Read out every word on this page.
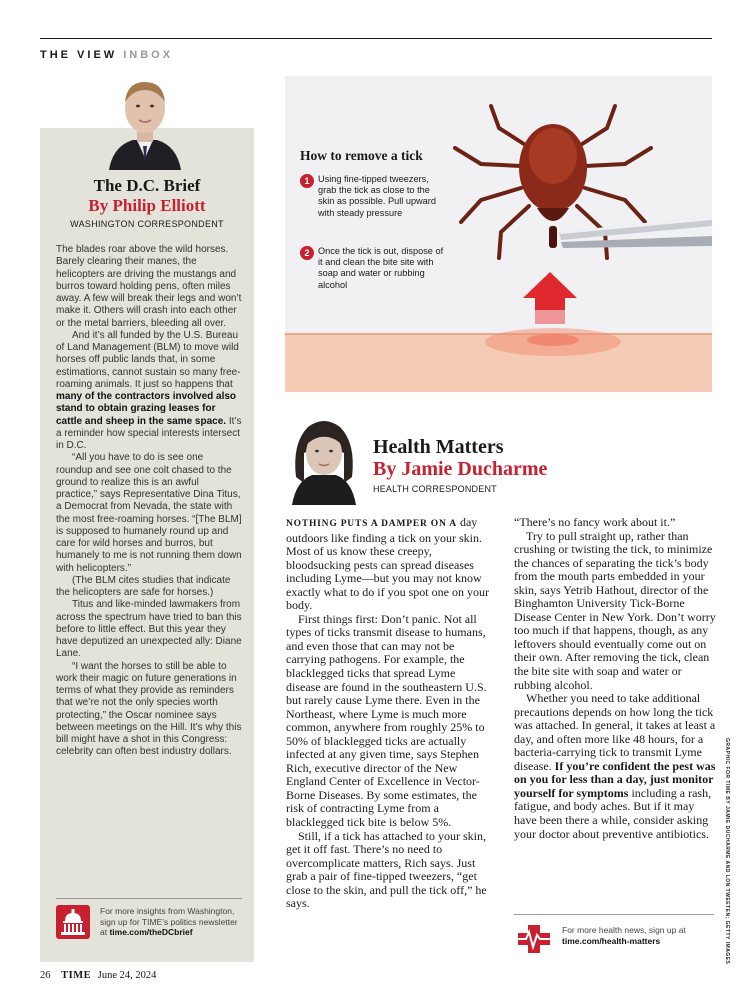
THE VIEW INBOX
The D.C. Brief
By Philip Elliott
WASHINGTON CORRESPONDENT

The blades roar above the wild horses. Barely clearing their manes, the helicopters are driving the mustangs and burros toward holding pens, often miles away. A few will break their legs and won’t make it. Others will crash into each other or the metal barriers, bleeding all over.

And it’s all funded by the U.S. Bureau of Land Management (BLM) to move wild horses off public lands that, in some estimations, cannot sustain so many free-roaming animals. It just so happens that many of the contractors involved also stand to obtain grazing leases for cattle and sheep in the same space. It’s a reminder how special interests intersect in D.C.

“All you have to do is see one roundup and see one colt chased to the ground to realize this is an awful practice,” says Representative Dina Titus, a Democrat from Nevada, the state with the most free-roaming horses. “[The BLM] is supposed to humanely round up and care for wild horses and burros, but humanely to me is not running them down with helicopters.”

(The BLM cites studies that indicate the helicopters are safe for horses.)

Titus and like-minded lawmakers from across the spectrum have tried to ban this before to little effect. But this year they have deputized an unexpected ally: Diane Lane.

“I want the horses to still be able to work their magic on future generations in terms of what they provide as reminders that we’re not the only species worth protecting,” the Oscar nominee says between meetings on the Hill. It’s why this bill might have a shot in this Congress: celebrity can often best industry dollars.

For more insights from Washington, sign up for TIME’s politics newsletter at time.com/theDCbrief
How to remove a tick
1 Using fine-tipped tweezers, grab the tick as close to the skin as possible. Pull upward with steady pressure
2 Once the tick is out, dispose of it and clean the bite site with soap and water or rubbing alcohol
Health Matters
By Jamie Ducharme
HEALTH CORRESPONDENT

NOTHING PUTS A DAMPER ON A day outdoors like finding a tick on your skin. Most of us know these creepy, bloodsucking pests can spread diseases including Lyme—but you may not know exactly what to do if you spot one on your body.

First things first: Don’t panic. Not all types of ticks transmit disease to humans, and even those that can may not be carrying pathogens. For example, the blacklegged ticks that spread Lyme disease are found in the southeastern U.S. but rarely cause Lyme there. Even in the Northeast, where Lyme is much more common, anywhere from roughly 25% to 50% of blacklegged ticks are actually infected at any given time, says Stephen Rich, executive director of the New England Center of Excellence in Vector-Borne Diseases. By some estimates, the risk of contracting Lyme from a blacklegged tick bite is below 5%.

Still, if a tick has attached to your skin, get it off fast. There’s no need to overcomplicate matters, Rich says. Just grab a pair of fine-tipped tweezers, “get close to the skin, and pull the tick off,” he says.

“There’s no fancy work about it.”

Try to pull straight up, rather than crushing or twisting the tick, to minimize the chances of separating the tick’s body from the mouth parts embedded in your skin, says Yetrib Hathout, director of the Binghamton University Tick-Borne Disease Center in New York. Don’t worry too much if that happens, though, as any leftovers should eventually come out on their own. After removing the tick, clean the bite site with soap and water or rubbing alcohol.

Whether you need to take additional precautions depends on how long the tick was attached. In general, it takes at least a day, and often more like 48 hours, for a bacteria-carrying tick to transmit Lyme disease. If you’re confident the pest was on you for less than a day, just monitor yourself for symptoms including a rash, fatigue, and body aches. But if it may have been there a while, consider asking your doctor about preventive antibiotics.

For more health news, sign up at time.com/health-matters	GRAPHIC FOR TIME BY JAMIE DUCHARME AND LON TWEETEN; GETTY IMAGES
26 TIME June 24, 2024
